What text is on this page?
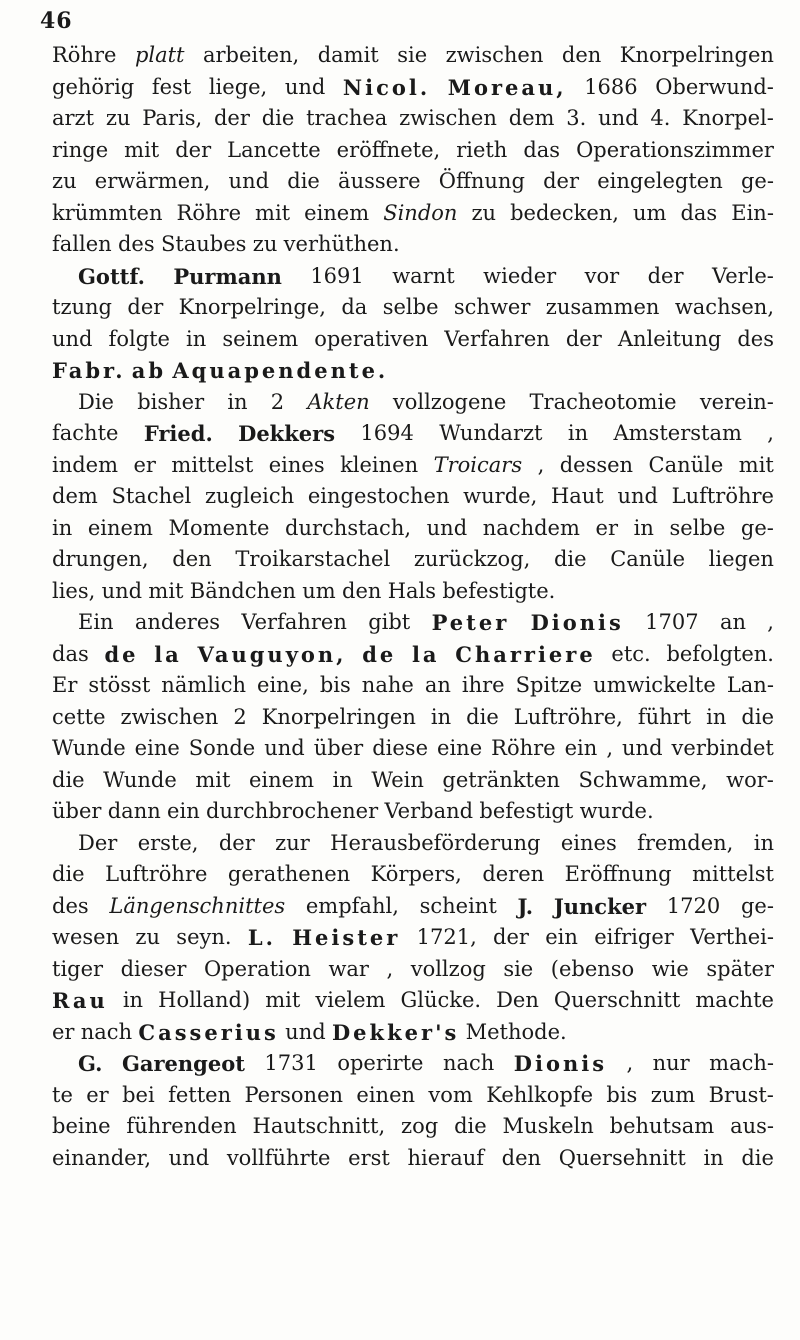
46
Röhre platt arbeiten, damit sie zwischen den Knorpelringen
gehörig fest liege, und Nicol. Moreau, 1686 Oberwund-
arzt zu Paris, der die trachea zwischen dem 3. und 4. Knorpel-
ringe mit der Lancette eröffnete, rieth das Operationszimmer
zu erwärmen, und die äussere Öffnung der eingelegten ge-
krümmten Röhre mit einem Sindon zu bedecken, um das Ein-
fallen des Staubes zu verhüthen.
Gottf. Purmann 1691 warnt wieder vor der Verle-
tzung der Knorpelringe, da selbe schwer zusammen wachsen,
und folgte in seinem operativen Verfahren der Anleitung des
Fabr. ab Aquapendente.
Die bisher in 2 Akten vollzogene Tracheotomie verein-
fachte Fried. Dekkers 1694 Wundarzt in Amsterstam ,
indem er mittelst eines kleinen Troicars , dessen Canüle mit
dem Stachel zugleich eingestochen wurde, Haut und Luftröhre
in einem Momente durchstach, und nachdem er in selbe ge-
drungen, den Troikarstachel zurückzog, die Canüle liegen
lies, und mit Bändchen um den Hals befestigte.
Ein anderes Verfahren gibt Peter Dionis 1707 an ,
das de la Vauguyon, de la Charriere etc. befolgten.
Er stösst nämlich eine, bis nahe an ihre Spitze umwickelte Lan-
cette zwischen 2 Knorpelringen in die Luftröhre, führt in die
Wunde eine Sonde und über diese eine Röhre ein , und verbindet
die Wunde mit einem in Wein getränkten Schwamme, wor-
über dann ein durchbrochener Verband befestigt wurde.
Der erste, der zur Herausbeförderung eines fremden, in
die Luftröhre gerathenen Körpers, deren Eröffnung mittelst
des Längenschnittes empfahl, scheint J. Juncker 1720 ge-
wesen zu seyn. L. Heister 1721, der ein eifriger Verthei-
tiger dieser Operation war , vollzog sie (ebenso wie später
Rau in Holland) mit vielem Glücke. Den Querschnitt machte
er nach Casserius und Dekker's Methode.
G. Garengeot 1731 operirte nach Dionis , nur mach-
te er bei fetten Personen einen vom Kehlkopfe bis zum Brust-
beine führenden Hautschnitt, zog die Muskeln behutsam aus-
einander, und vollführte erst hierauf den Quersehnitt in die
